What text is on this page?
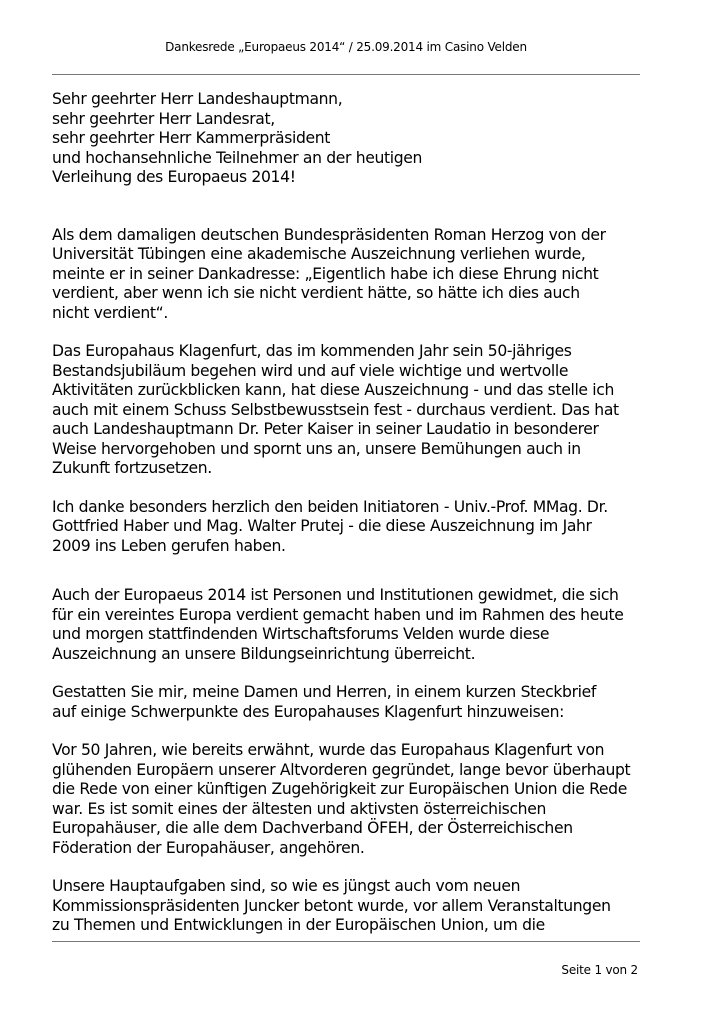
Dankesrede „Europaeus 2014“ / 25.09.2014 im Casino Velden

Sehr geehrter Herr Landeshauptmann,
sehr geehrter Herr Landesrat,
sehr geehrter Herr Kammerpräsident
und hochansehnliche Teilnehmer an der heutigen
Verleihung des Europaeus 2014!

Als dem damaligen deutschen Bundespräsidenten Roman Herzog von der
Universität Tübingen eine akademische Auszeichnung verliehen wurde,
meinte er in seiner Dankadresse: „Eigentlich habe ich diese Ehrung nicht
verdient, aber wenn ich sie nicht verdient hätte, so hätte ich dies auch
nicht verdient“.

Das Europahaus Klagenfurt, das im kommenden Jahr sein 50-jähriges
Bestandsjubiläum begehen wird und auf viele wichtige und wertvolle
Aktivitäten zurückblicken kann, hat diese Auszeichnung - und das stelle ich
auch mit einem Schuss Selbstbewusstsein fest - durchaus verdient. Das hat
auch Landeshauptmann Dr. Peter Kaiser in seiner Laudatio in besonderer
Weise hervorgehoben und spornt uns an, unsere Bemühungen auch in
Zukunft fortzusetzen.

Ich danke besonders herzlich den beiden Initiatoren - Univ.-Prof. MMag. Dr.
Gottfried Haber und Mag. Walter Prutej - die diese Auszeichnung im Jahr
2009 ins Leben gerufen haben.

Auch der Europaeus 2014 ist Personen und Institutionen gewidmet, die sich
für ein vereintes Europa verdient gemacht haben und im Rahmen des heute
und morgen stattfindenden Wirtschaftsforums Velden wurde diese
Auszeichnung an unsere Bildungseinrichtung überreicht.

Gestatten Sie mir, meine Damen und Herren, in einem kurzen Steckbrief
auf einige Schwerpunkte des Europahauses Klagenfurt hinzuweisen:

Vor 50 Jahren, wie bereits erwähnt, wurde das Europahaus Klagenfurt von
glühenden Europäern unserer Altvorderen gegründet, lange bevor überhaupt
die Rede von einer künftigen Zugehörigkeit zur Europäischen Union die Rede
war. Es ist somit eines der ältesten und aktivsten österreichischen
Europahäuser, die alle dem Dachverband ÖFEH, der Österreichischen
Föderation der Europahäuser, angehören.

Unsere Hauptaufgaben sind, so wie es jüngst auch vom neuen
Kommissionspräsidenten Juncker betont wurde, vor allem Veranstaltungen
zu Themen und Entwicklungen in der Europäischen Union, um die

Seite 1 von 2
